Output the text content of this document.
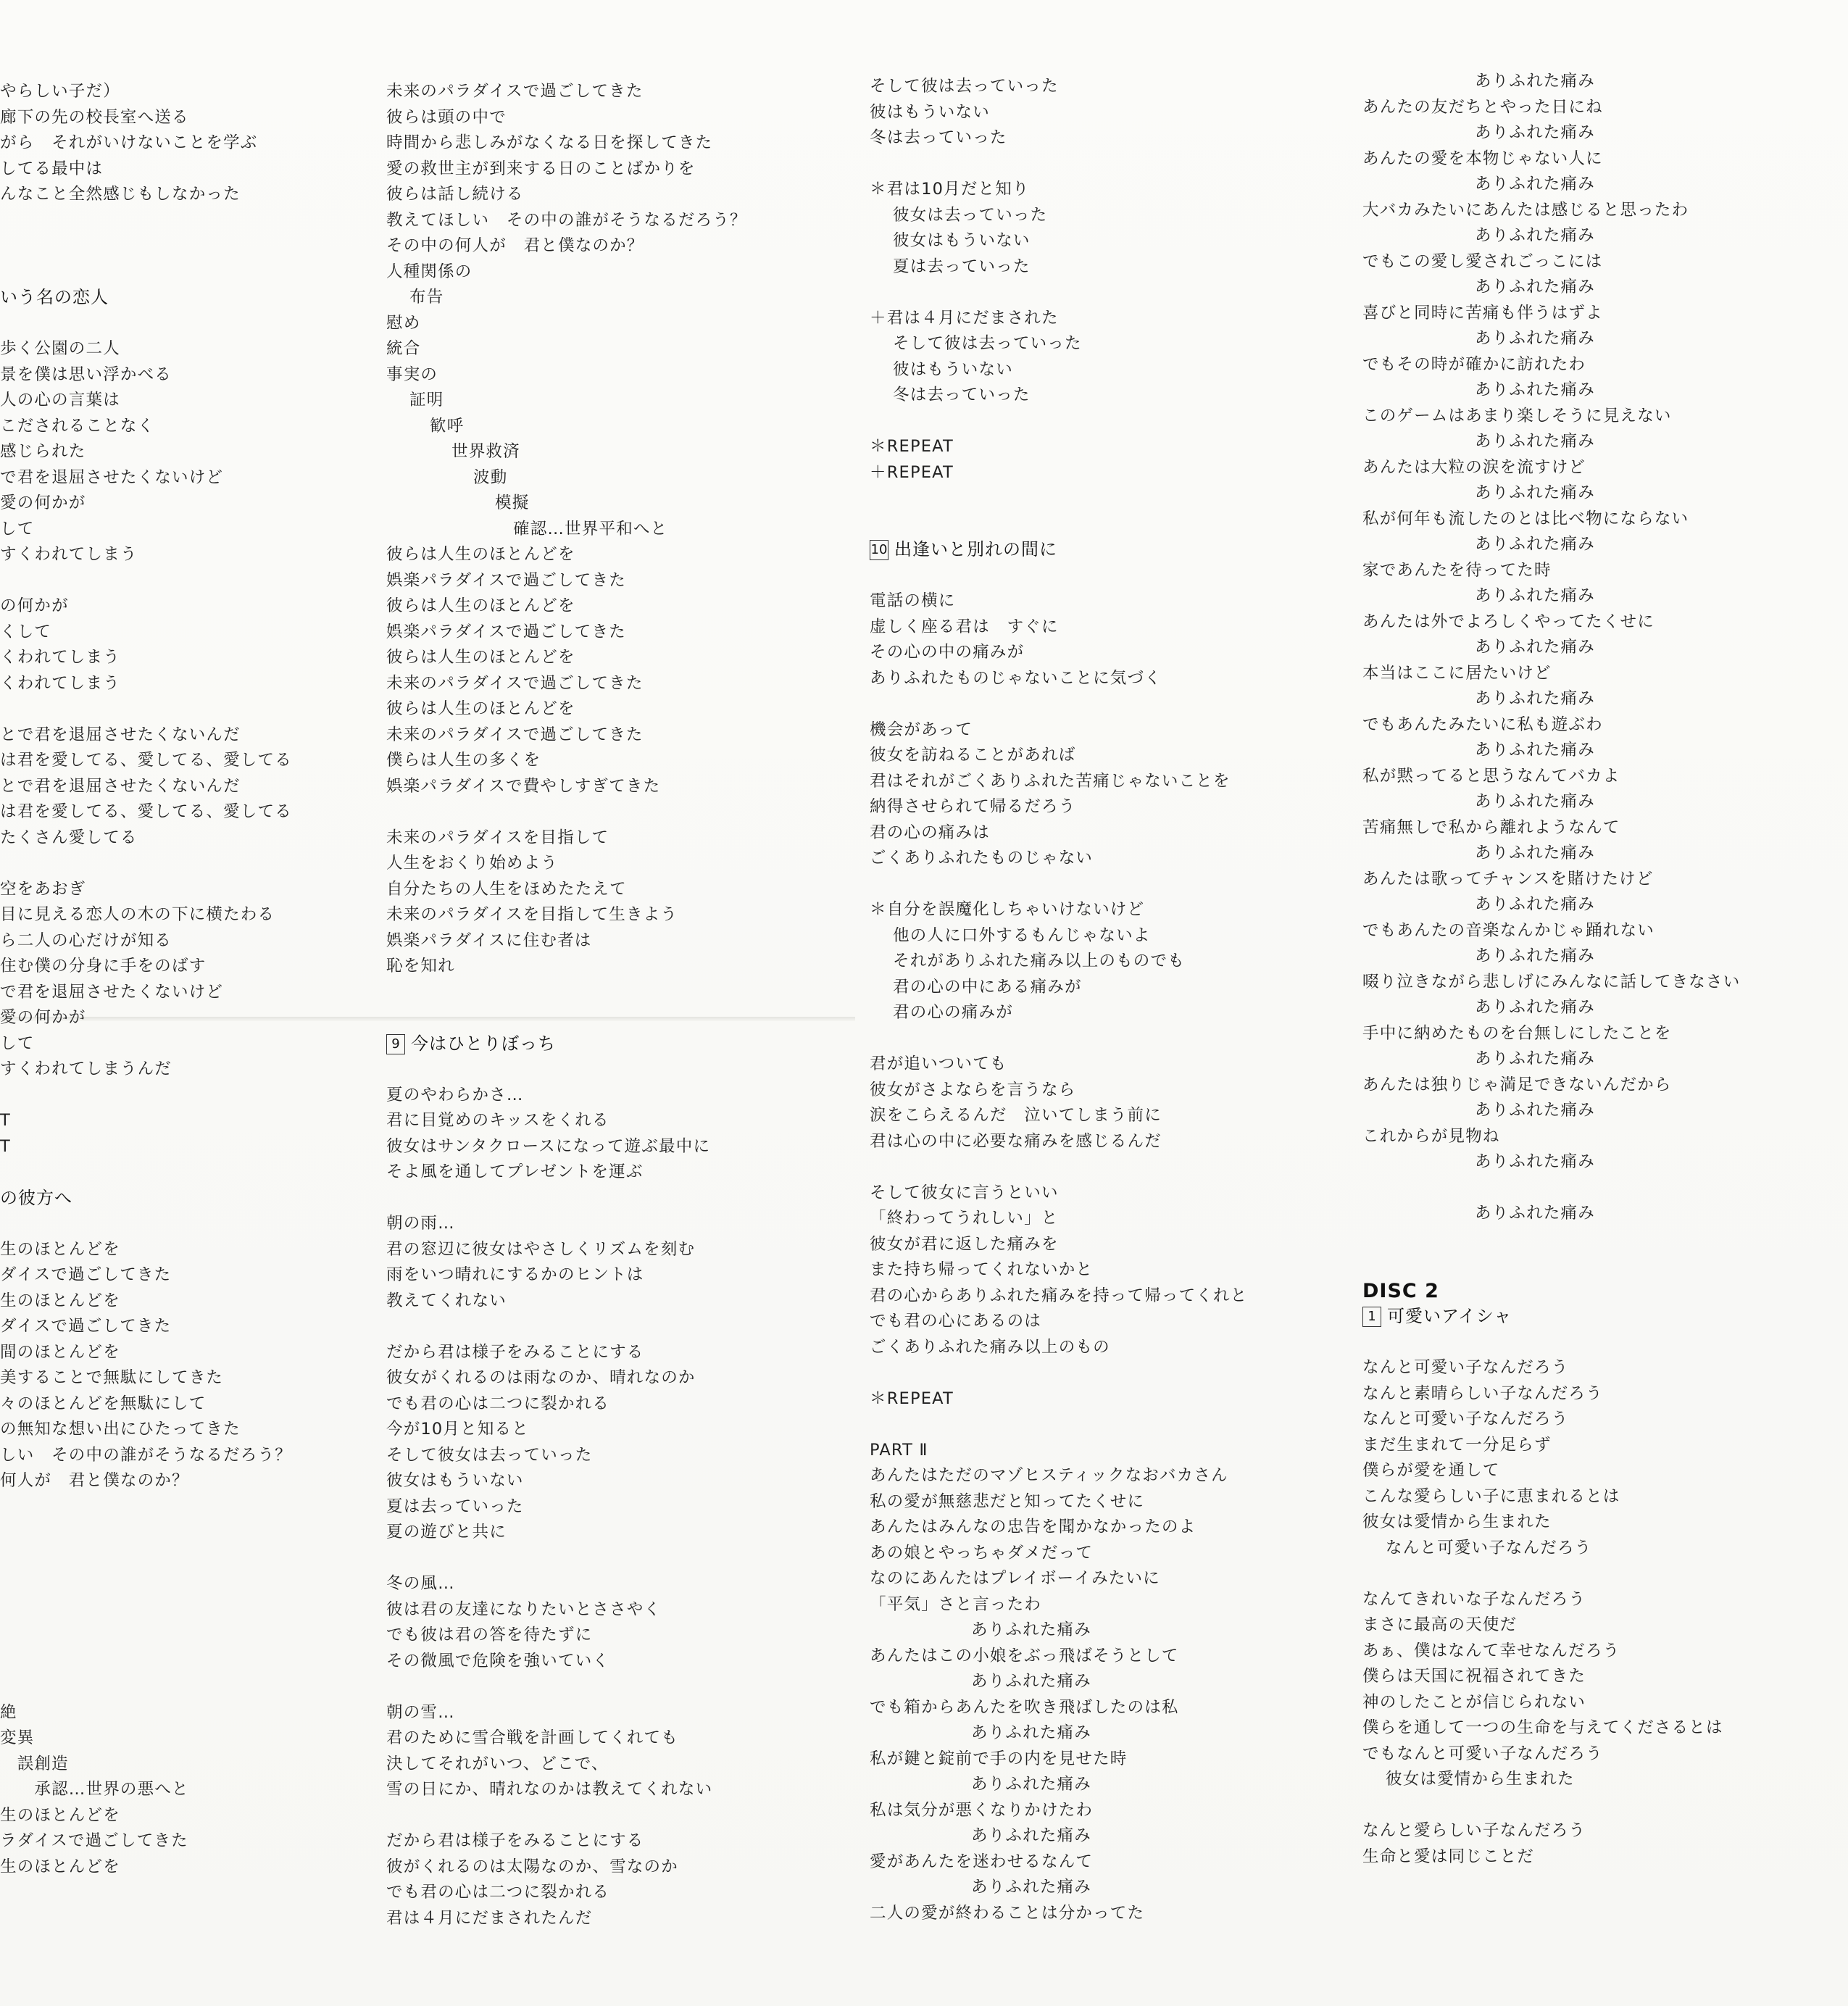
やらしい子だ）

廊下の先の校長室へ送る

がら　それがいけないことを学ぶ

してる最中は

んなこと全然感じもしなかった

いう名の恋人

歩く公園の二人

景を僕は思い浮かべる

人の心の言葉は

こだされることなく

感じられた

で君を退屈させたくないけど

愛の何かが

して

すくわれてしまう

の何かが

くして

くわれてしまう

くわれてしまう

とで君を退屈させたくないんだ

は君を愛してる、愛してる、愛してる

とで君を退屈させたくないんだ

は君を愛してる、愛してる、愛してる

たくさん愛してる

空をあおぎ

目に見える恋人の木の下に横たわる

ら二人の心だけが知る

住む僕の分身に手をのばす

で君を退屈させたくないけど

愛の何かが

して

すくわれてしまうんだ

T

T

の彼方へ

生のほとんどを

ダイスで過ごしてきた

生のほとんどを

ダイスで過ごしてきた

間のほとんどを

美することで無駄にしてきた

々のほとんどを無駄にして

の無知な想い出にひたってきた

しい　その中の誰がそうなるだろう？

何人が　君と僕なのか？

絶

変異

　誤創造

　　承認…世界の悪へと

生のほとんどを

ラダイスで過ごしてきた

生のほとんどを

未来のパラダイスで過ごしてきた

彼らは頭の中で

時間から悲しみがなくなる日を探してきた

愛の救世主が到来する日のことばかりを

彼らは話し続ける

教えてほしい　その中の誰がそうなるだろう？

その中の何人が　君と僕なのか？

人種関係の

布告

慰め

統合

事実の

証明

歓呼

世界救済

波動

模擬

確認…世界平和へと

彼らは人生のほとんどを

娯楽パラダイスで過ごしてきた

彼らは人生のほとんどを

娯楽パラダイスで過ごしてきた

彼らは人生のほとんどを

未来のパラダイスで過ごしてきた

彼らは人生のほとんどを

未来のパラダイスで過ごしてきた

僕らは人生の多くを

娯楽パラダイスで費やしすぎてきた

未来のパラダイスを目指して

人生をおくり始めよう

自分たちの人生をほめたたえて

未来のパラダイスを目指して生きよう

娯楽パラダイスに住む者は

恥を知れ

9 今はひとりぼっち

夏のやわらかさ…

君に目覚めのキッスをくれる

彼女はサンタクロースになって遊ぶ最中に

そよ風を通してプレゼントを運ぶ

朝の雨…

君の窓辺に彼女はやさしくリズムを刻む

雨をいつ晴れにするかのヒントは

教えてくれない

だから君は様子をみることにする

彼女がくれるのは雨なのか、晴れなのか

でも君の心は二つに裂かれる

今が10月と知ると

そして彼女は去っていった

彼女はもういない

夏は去っていった

夏の遊びと共に

冬の風…

彼は君の友達になりたいとささやく

でも彼は君の答を待たずに

その微風で危険を強いていく

朝の雪…

君のために雪合戦を計画してくれても

決してそれがいつ、どこで、

雪の日にか、晴れなのかは教えてくれない

だから君は様子をみることにする

彼がくれるのは太陽なのか、雪なのか

でも君の心は二つに裂かれる

君は４月にだまされたんだ

そして彼は去っていった

彼はもういない

冬は去っていった

＊君は10月だと知り

彼女は去っていった

彼女はもういない

夏は去っていった

＋君は４月にだまされた

そして彼は去っていった

彼はもういない

冬は去っていった

＊REPEAT

＋REPEAT

10 出逢いと別れの間に

電話の横に

虚しく座る君は　すぐに

その心の中の痛みが

ありふれたものじゃないことに気づく

機会があって

彼女を訪ねることがあれば

君はそれがごくありふれた苦痛じゃないことを

納得させられて帰るだろう

君の心の痛みは

ごくありふれたものじゃない

＊自分を誤魔化しちゃいけないけど

他の人に口外するもんじゃないよ

それがありふれた痛み以上のものでも

君の心の中にある痛みが

君の心の痛みが

君が追いついても

彼女がさよならを言うなら

涙をこらえるんだ　泣いてしまう前に

君は心の中に必要な痛みを感じるんだ

そして彼女に言うといい

「終わってうれしい」と

彼女が君に返した痛みを

また持ち帰ってくれないかと

君の心からありふれた痛みを持って帰ってくれと

でも君の心にあるのは

ごくありふれた痛み以上のもの

＊REPEAT

PART Ⅱ

あんたはただのマゾヒスティックなおバカさん

私の愛が無慈悲だと知ってたくせに

あんたはみんなの忠告を聞かなかったのよ

あの娘とやっちゃダメだって

なのにあんたはプレイボーイみたいに

「平気」さと言ったわ

ありふれた痛み

あんたはこの小娘をぶっ飛ばそうとして

ありふれた痛み

でも箱からあんたを吹き飛ばしたのは私

ありふれた痛み

私が鍵と錠前で手の内を見せた時

ありふれた痛み

私は気分が悪くなりかけたわ

ありふれた痛み

愛があんたを迷わせるなんて

ありふれた痛み

二人の愛が終わることは分かってた

ありふれた痛み

あんたの友だちとやった日にね

ありふれた痛み

あんたの愛を本物じゃない人に

ありふれた痛み

大バカみたいにあんたは感じると思ったわ

ありふれた痛み

でもこの愛し愛されごっこには

ありふれた痛み

喜びと同時に苦痛も伴うはずよ

ありふれた痛み

でもその時が確かに訪れたわ

ありふれた痛み

このゲームはあまり楽しそうに見えない

ありふれた痛み

あんたは大粒の涙を流すけど

ありふれた痛み

私が何年も流したのとは比べ物にならない

ありふれた痛み

家であんたを待ってた時

ありふれた痛み

あんたは外でよろしくやってたくせに

ありふれた痛み

本当はここに居たいけど

ありふれた痛み

でもあんたみたいに私も遊ぶわ

ありふれた痛み

私が黙ってると思うなんてバカよ

ありふれた痛み

苦痛無しで私から離れようなんて

ありふれた痛み

あんたは歌ってチャンスを賭けたけど

ありふれた痛み

でもあんたの音楽なんかじゃ踊れない

ありふれた痛み

啜り泣きながら悲しげにみんなに話してきなさい

ありふれた痛み

手中に納めたものを台無しにしたことを

ありふれた痛み

あんたは独りじゃ満足できないんだから

ありふれた痛み

これからが見物ね

ありふれた痛み

ありふれた痛み

DISC 2

1 可愛いアイシャ

なんと可愛い子なんだろう

なんと素晴らしい子なんだろう

なんと可愛い子なんだろう

まだ生まれて一分足らず

僕らが愛を通して

こんな愛らしい子に恵まれるとは

彼女は愛情から生まれた

なんと可愛い子なんだろう

なんてきれいな子なんだろう

まさに最高の天使だ

あぁ、僕はなんて幸せなんだろう

僕らは天国に祝福されてきた

神のしたことが信じられない

僕らを通して一つの生命を与えてくださるとは

でもなんと可愛い子なんだろう

彼女は愛情から生まれた

なんと愛らしい子なんだろう

生命と愛は同じことだ
